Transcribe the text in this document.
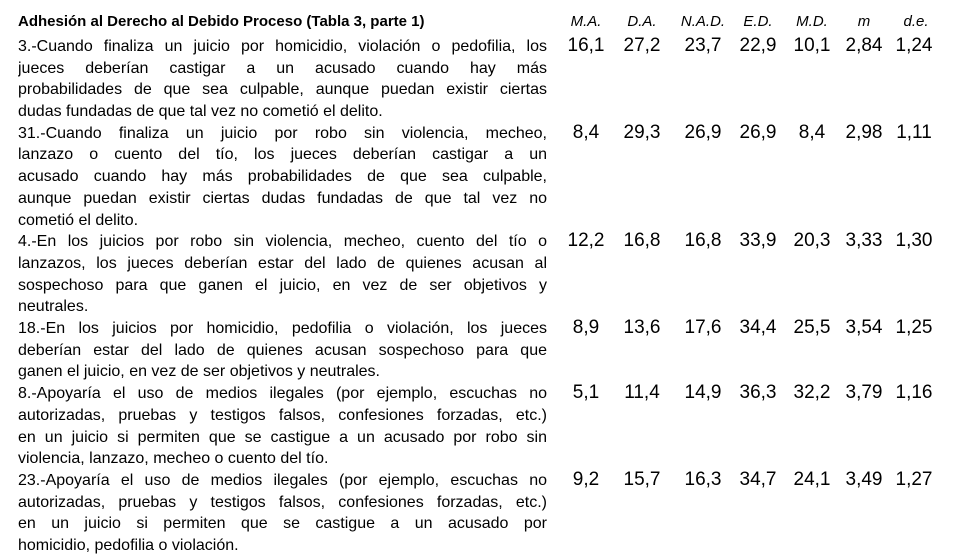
Adhesión al Derecho al Debido Proceso (Tabla 3, parte 1)	M.A.	D.A.	N.A.D.	E.D.	M.D.	m	d.e.
3.-Cuando finaliza un juicio por homicidio, violación o pedofilia, los
jueces deberían castigar a un acusado cuando hay más
probabilidades de que sea culpable, aunque puedan existir ciertas
dudas fundadas de que tal vez no cometió el delito.
16,1	27,2	23,7 22,9 10,1 2,84 1,24
31.-Cuando finaliza un juicio por robo sin violencia, mecheo,
lanzazo o cuento del tío, los jueces deberían castigar a un
acusado cuando hay más probabilidades de que sea culpable,
aunque puedan existir ciertas dudas fundadas de que tal vez no
cometió el delito.
8,4	29,3	26,9 26,9	8,4	2,98 1,11
4.-En los juicios por robo sin violencia, mecheo, cuento del tío o
lanzazos, los jueces deberían estar del lado de quienes acusan al
sospechoso para que ganen el juicio, en vez de ser objetivos y
neutrales.
12,2	16,8	16,8 33,9 20,3 3,33 1,30
18.-En los juicios por homicidio, pedofilia o violación, los jueces
deberían estar del lado de quienes acusan sospechoso para que
ganen el juicio, en vez de ser objetivos y neutrales.
8,9	13,6	17,6 34,4 25,5 3,54 1,25
8.-Apoyaría el uso de medios ilegales (por ejemplo, escuchas no
autorizadas, pruebas y testigos falsos, confesiones forzadas, etc.)
en un juicio si permiten que se castigue a un acusado por robo sin
violencia, lanzazo, mecheo o cuento del tío.
5,1	11,4	14,9 36,3 32,2 3,79 1,16
23.-Apoyaría el uso de medios ilegales (por ejemplo, escuchas no
autorizadas, pruebas y testigos falsos, confesiones forzadas, etc.)
en un juicio si permiten que se castigue a un acusado por
homicidio, pedofilia o violación.
9,2	15,7	16,3 34,7 24,1 3,49 1,27
